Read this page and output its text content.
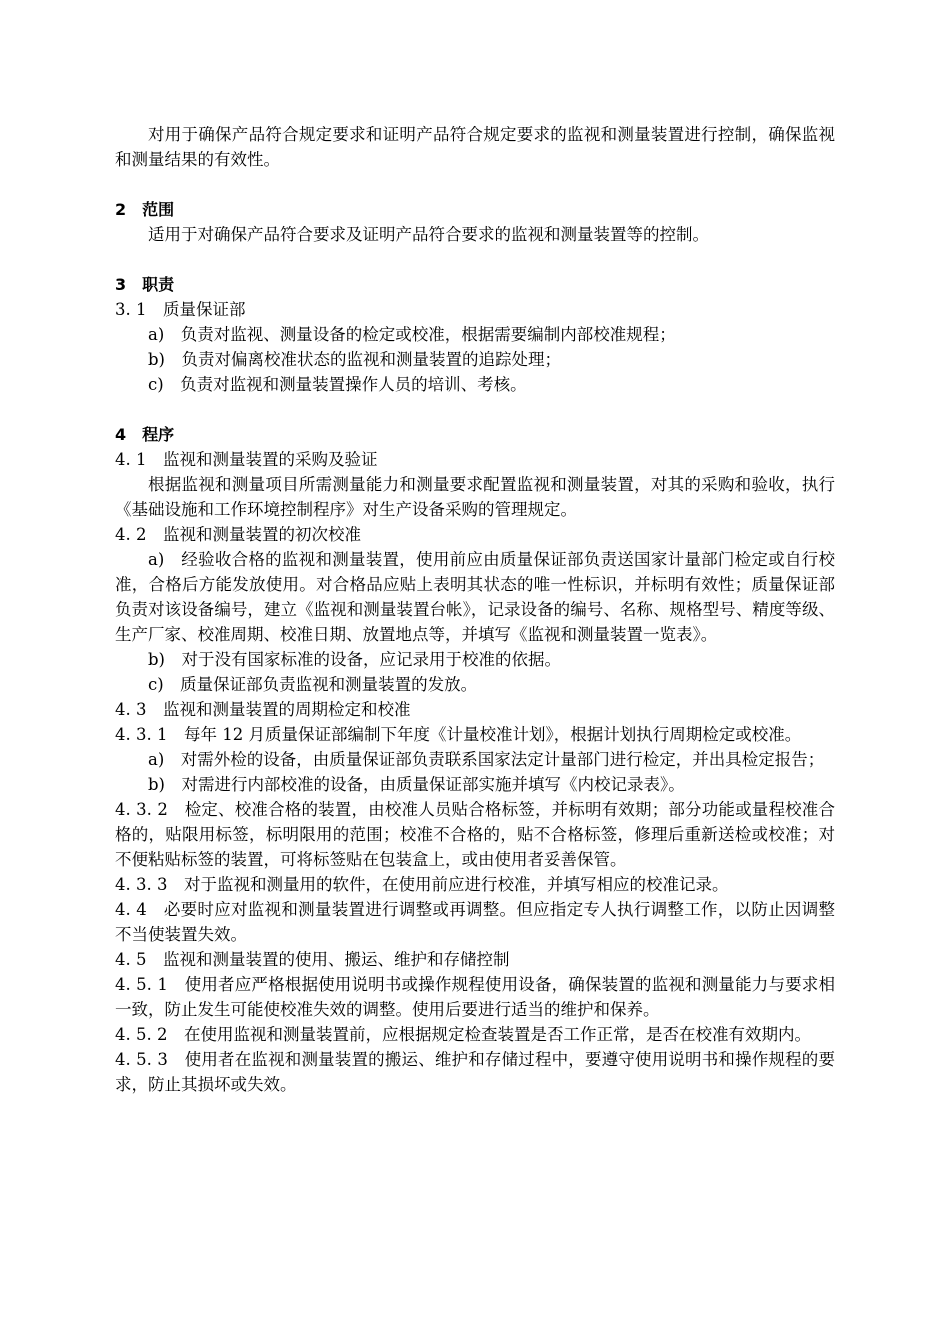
对用于确保产品符合规定要求和证明产品符合规定要求的监视和测量装置进行控制，确保监视和测量结果的有效性。

2　范围

适用于对确保产品符合要求及证明产品符合要求的监视和测量装置等的控制。

3　职责

3. 1　质量保证部

a)　负责对监视、测量设备的检定或校准，根据需要编制内部校准规程；

b)　负责对偏离校准状态的监视和测量装置的追踪处理；

c)　负责对监视和测量装置操作人员的培训、考核。

4　程序

4. 1　监视和测量装置的采购及验证

根据监视和测量项目所需测量能力和测量要求配置监视和测量装置，对其的采购和验收，执行《基础设施和工作环境控制程序》对生产设备采购的管理规定。

4. 2　监视和测量装置的初次校准

a)　经验收合格的监视和测量装置，使用前应由质量保证部负责送国家计量部门检定或自行校准，合格后方能发放使用。对合格品应贴上表明其状态的唯一性标识，并标明有效性；质量保证部负责对该设备编号，建立《监视和测量装置台帐》，记录设备的编号、名称、规格型号、精度等级、生产厂家、校准周期、校准日期、放置地点等，并填写《监视和测量装置一览表》。

b)　对于没有国家标准的设备，应记录用于校准的依据。

c)　质量保证部负责监视和测量装置的发放。

4. 3　监视和测量装置的周期检定和校准

4. 3. 1　每年 12 月质量保证部编制下年度《计量校准计划》，根据计划执行周期检定或校准。

a)　对需外检的设备，由质量保证部负责联系国家法定计量部门进行检定，并出具检定报告；

b)　对需进行内部校准的设备，由质量保证部实施并填写《内校记录表》。

4. 3. 2　检定、校准合格的装置，由校准人员贴合格标签，并标明有效期；部分功能或量程校准合格的，贴限用标签，标明限用的范围；校准不合格的，贴不合格标签，修理后重新送检或校准；对不便粘贴标签的装置，可将标签贴在包装盒上，或由使用者妥善保管。

4. 3. 3　对于监视和测量用的软件，在使用前应进行校准，并填写相应的校准记录。

4. 4　必要时应对监视和测量装置进行调整或再调整。但应指定专人执行调整工作，以防止因调整不当使装置失效。

4. 5　监视和测量装置的使用、搬运、维护和存储控制

4. 5. 1　使用者应严格根据使用说明书或操作规程使用设备，确保装置的监视和测量能力与要求相一致，防止发生可能使校准失效的调整。使用后要进行适当的维护和保养。

4. 5. 2　在使用监视和测量装置前，应根据规定检查装置是否工作正常，是否在校准有效期内。

4. 5. 3　使用者在监视和测量装置的搬运、维护和存储过程中，要遵守使用说明书和操作规程的要求，防止其损坏或失效。
